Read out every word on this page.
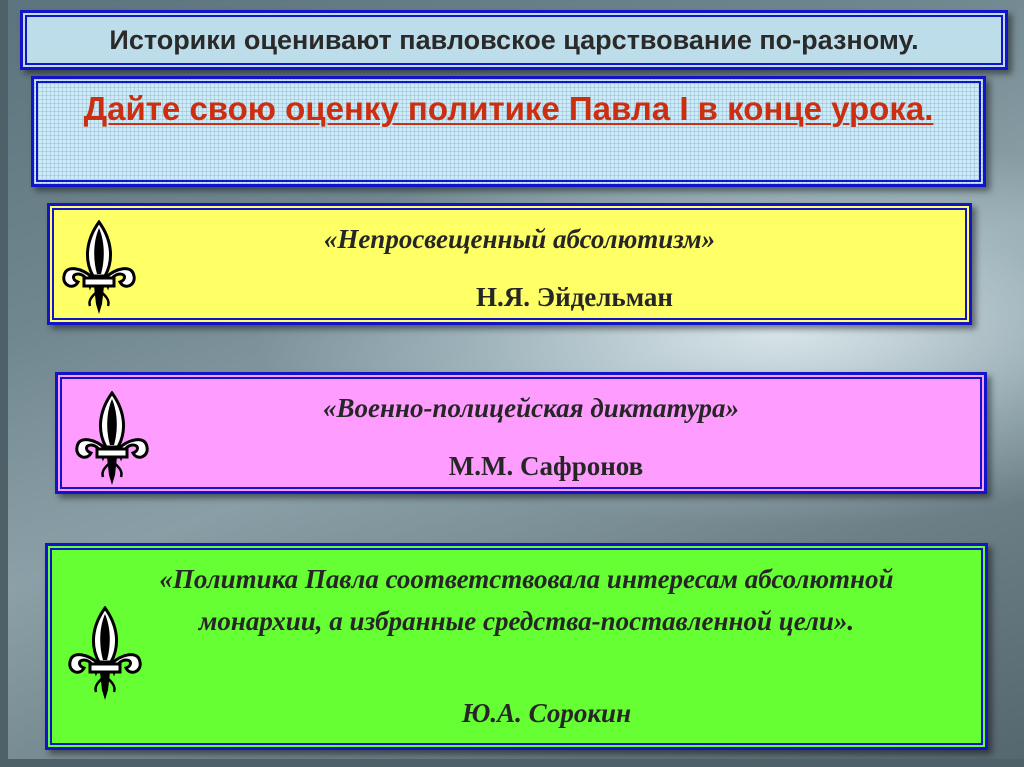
Историки оценивают павловское царствование по-разному.
Дайте свою оценку политике Павла I в конце урока.
«Непросвещенный абсолютизм»
Н.Я. Эйдельман
«Военно-полицейская диктатура»
М.М. Сафронов
«Политика Павла соответствовала интересам абсолютной монархии, а избранные средства-поставленной цели».
Ю.А. Сорокин
